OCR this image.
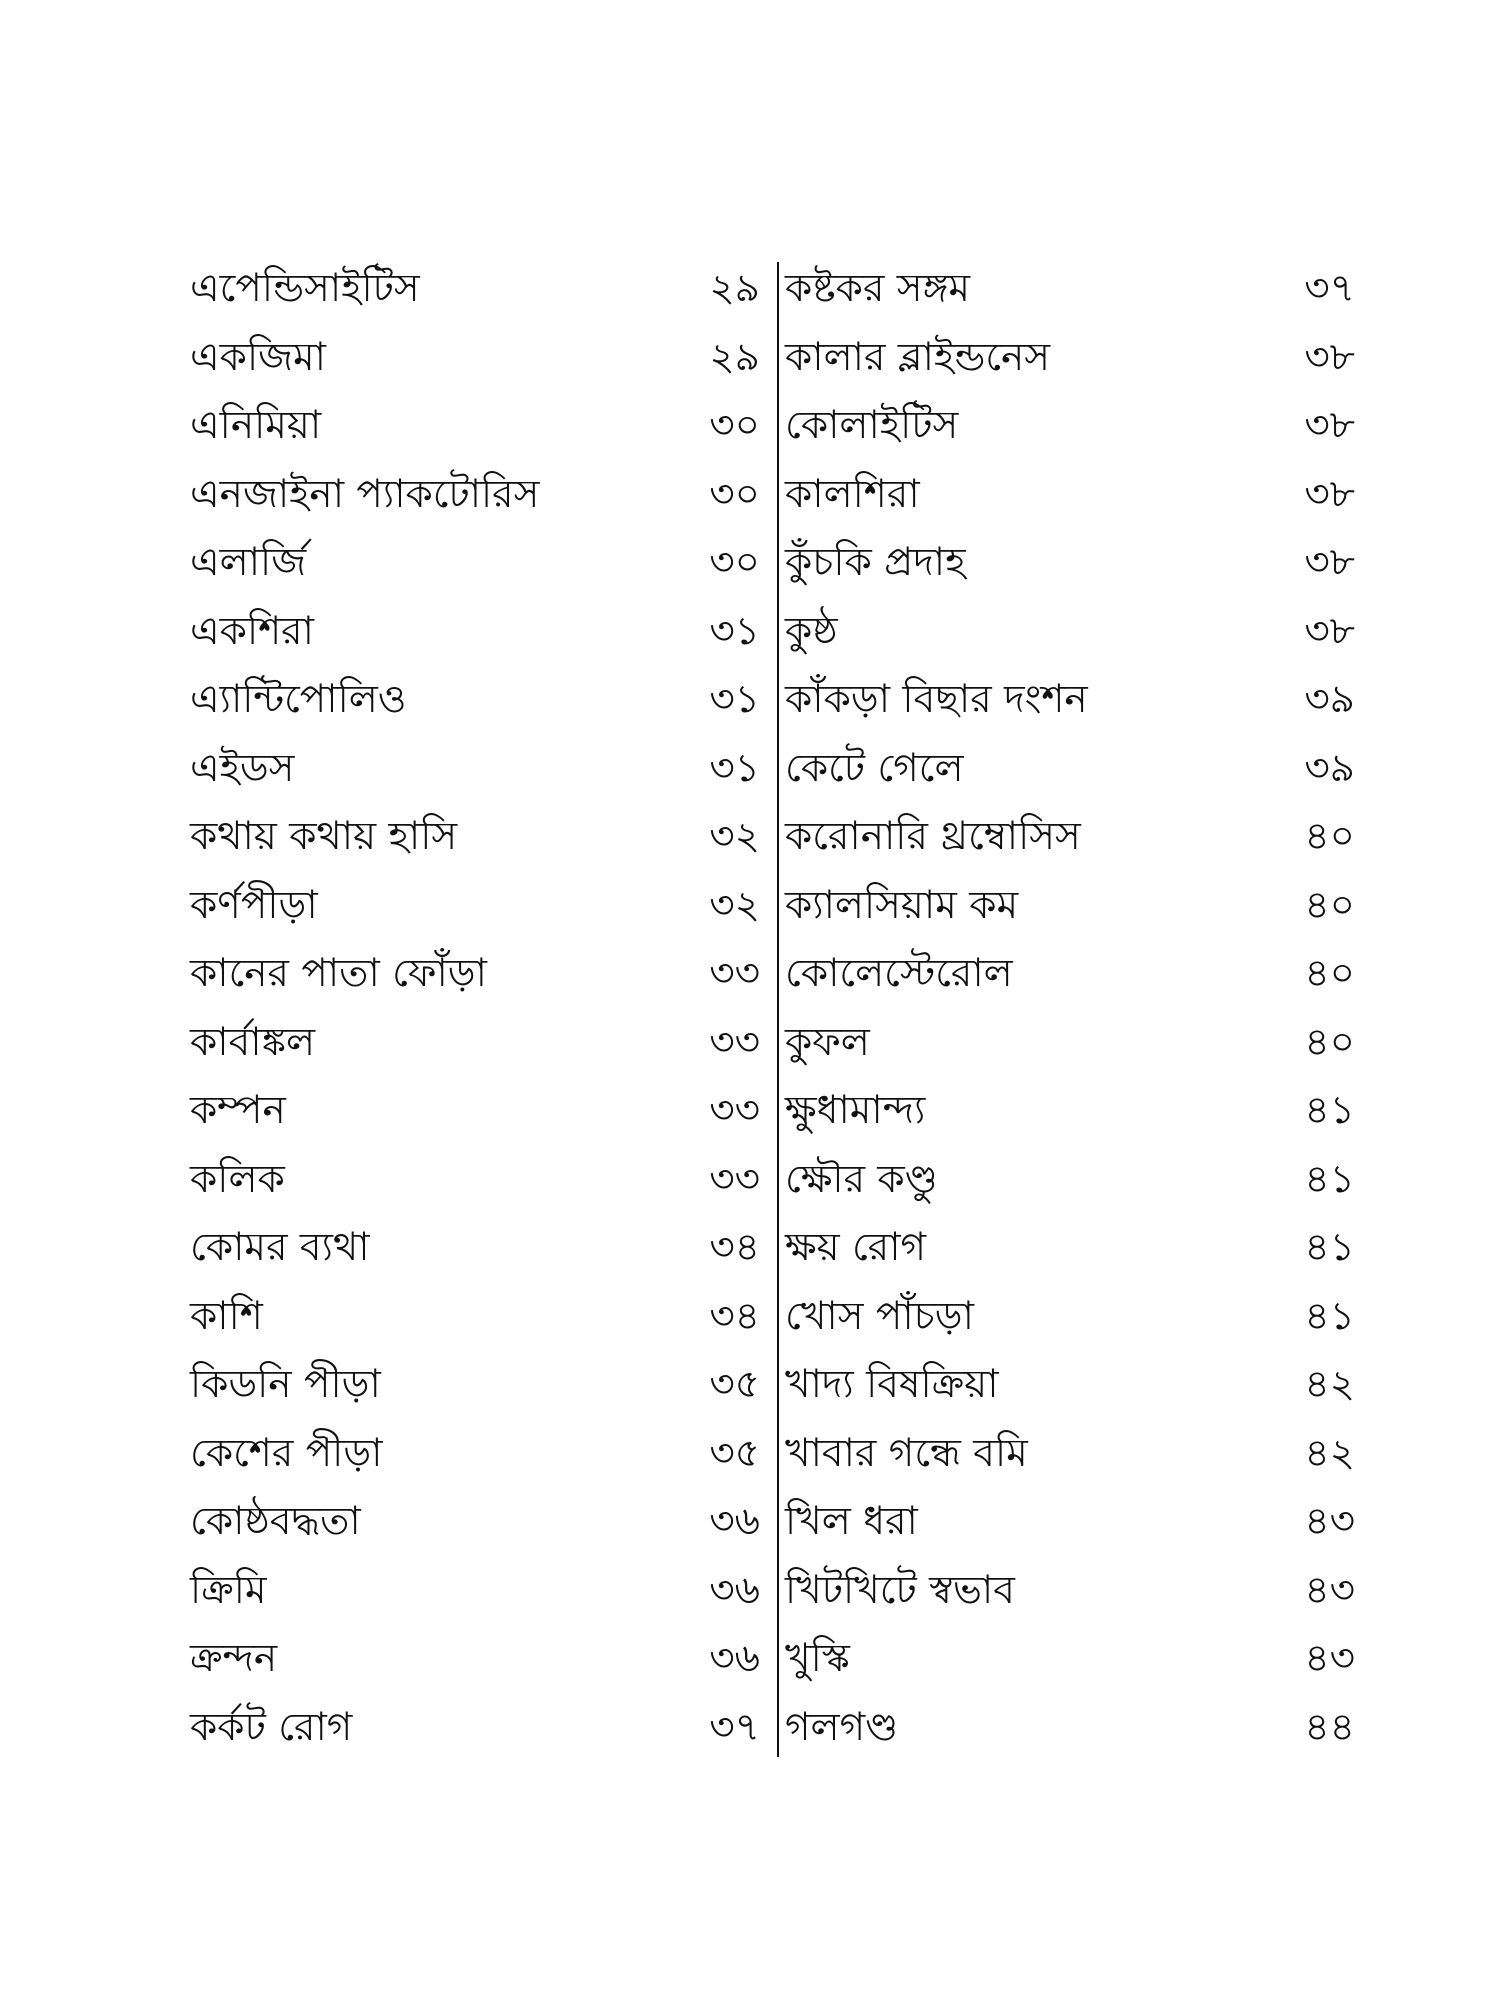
এপেন্ডিসাইটিস	২৯
একজিমা	২৯
এনিমিয়া	৩০
এনজাইনা প্যাকটোরিস	৩০
এলার্জি	৩০
একশিরা	৩১
এ্যান্টিপোলিও	৩১
এইডস	৩১
কথায় কথায় হাসি	৩২
কর্ণপীড়া	৩২
কানের পাতা ফোঁড়া	৩৩
কার্বাঙ্কল	৩৩
কম্পন	৩৩
কলিক	৩৩
কোমর ব্যথা	৩৪
কাশি	৩৪
কিডনি পীড়া	৩৫
কেশের পীড়া	৩৫
কোষ্ঠবদ্ধতা	৩৬
ক্রিমি	৩৬
ক্রন্দন	৩৬
কর্কট রোগ	৩৭
কষ্টকর সঙ্গম	৩৭
কালার ব্লাইন্ডনেস	৩৮
কোলাইটিস	৩৮
কালশিরা	৩৮
কুঁচকি প্রদাহ	৩৮
কুষ্ঠ	৩৮
কাঁকড়া বিছার দংশন	৩৯
কেটে গেলে	৩৯
করোনারি থ্রম্বোসিস	৪০
ক্যালসিয়াম কম	৪০
কোলেস্টেরোল	৪০
কুফল	৪০
ক্ষুধামান্দ্য	৪১
ক্ষৌর কণ্ডু	৪১
ক্ষয় রোগ	৪১
খোস পাঁচড়া	৪১
খাদ্য বিষক্রিয়া	৪২
খাবার গন্ধে বমি	৪২
খিল ধরা	৪৩
খিটখিটে স্বভাব	৪৩
খুস্কি	৪৩
গলগণ্ড	৪৪
